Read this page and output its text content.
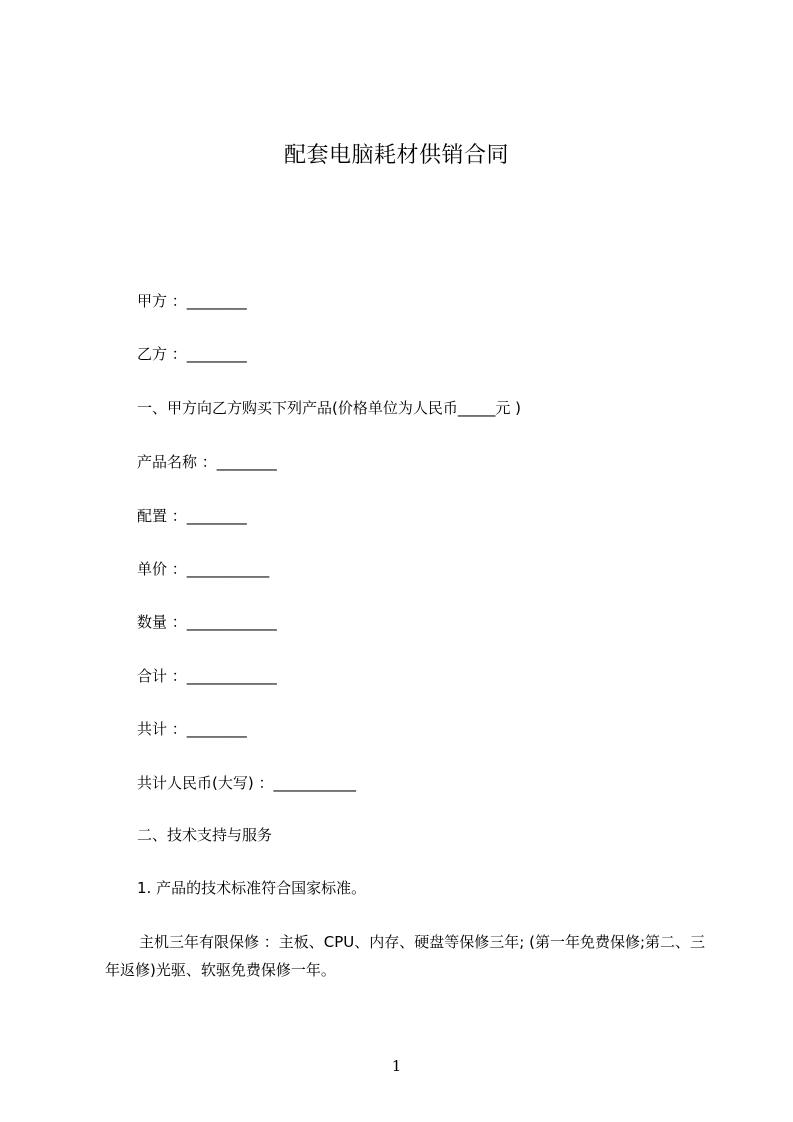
配套电脑耗材供销合同
甲方 ：________
乙方 ：________
一、甲方向乙方购买下列产品(价格单位为人民币_____元 )
产品名称 ：________
配置 ：________
单价 ：___________
数量 ：____________
合计 ：____________
共计 ：________
共计人民币(大写) ：___________
二、技术支持与服务
1. 产品的技术标准符合国家标准。
主机三年有限保修 ：主板、CPU、内存、硬盘等保修三年; (第一年免费保修;第二、三年返修)光驱、软驱免费保修一年。
1
